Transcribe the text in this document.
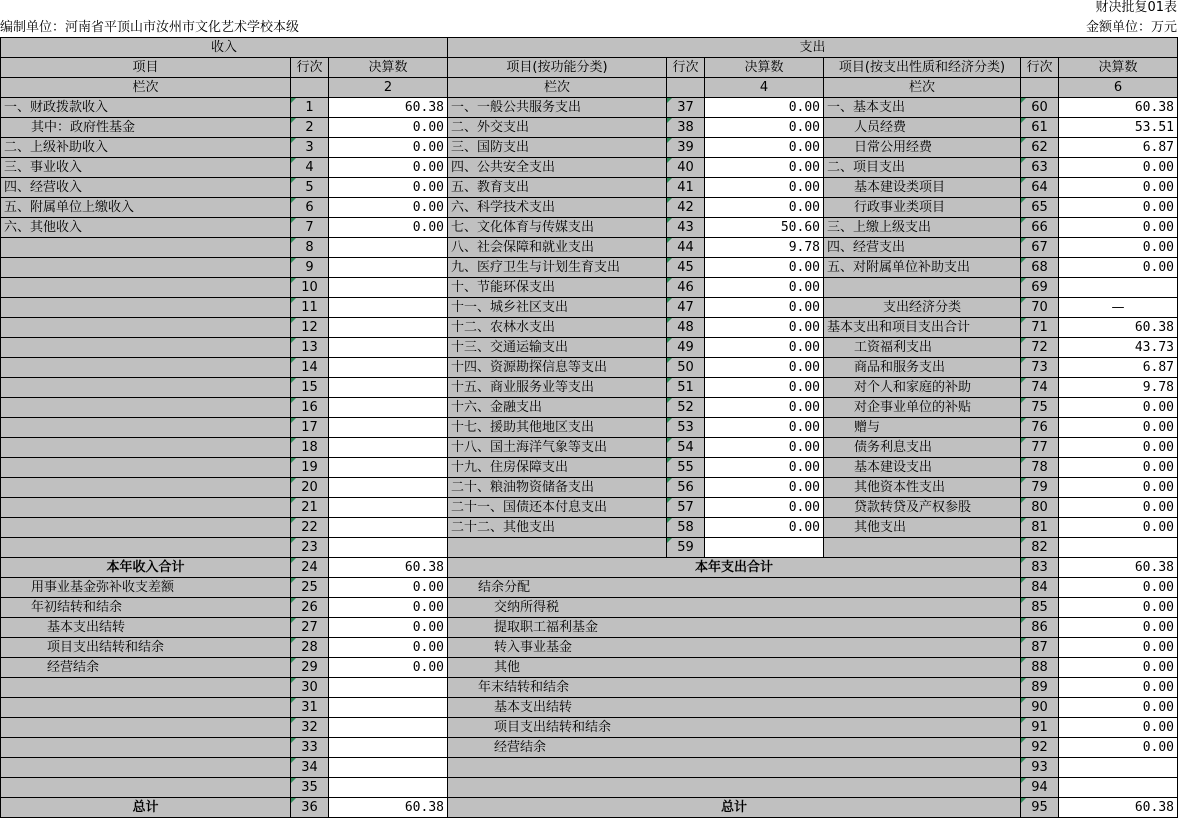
财决批复01表
编制单位：河南省平顶山市汝州市文化艺术学校本级	金额单位：万元
收入			支出					
项目	行次	决算数	项目(按功能分类)	行次	决算数	项目(按支出性质和经济分类)	行次	决算数
栏次		2	栏次		4	栏次		6
一、财政拨款收入	1	60.38	一、一般公共服务支出	37	0.00	一、基本支出	60	60.38
其中：政府性基金	2	0.00	二、外交支出	38	0.00	人员经费	61	53.51
二、上级补助收入	3	0.00	三、国防支出	39	0.00	日常公用经费	62	6.87
三、事业收入	4	0.00	四、公共安全支出	40	0.00	二、项目支出	63	0.00
四、经营收入	5	0.00	五、教育支出	41	0.00	基本建设类项目	64	0.00
五、附属单位上缴收入	6	0.00	六、科学技术支出	42	0.00	行政事业类项目	65	0.00
六、其他收入	7	0.00	七、文化体育与传媒支出	43	50.60	三、上缴上级支出	66	0.00
	8		八、社会保障和就业支出	44	9.78	四、经营支出	67	0.00
	9		九、医疗卫生与计划生育支出	45	0.00	五、对附属单位补助支出	68	0.00
	10		十、节能环保支出	46	0.00		69	
	11		十一、城乡社区支出	47	0.00	支出经济分类	70	—
	12		十二、农林水支出	48	0.00	基本支出和项目支出合计	71	60.38
	13		十三、交通运输支出	49	0.00	工资福利支出	72	43.73
	14		十四、资源勘探信息等支出	50	0.00	商品和服务支出	73	6.87
	15		十五、商业服务业等支出	51	0.00	对个人和家庭的补助	74	9.78
	16		十六、金融支出	52	0.00	对企事业单位的补贴	75	0.00
	17		十七、援助其他地区支出	53	0.00	赠与	76	0.00
	18		十八、国土海洋气象等支出	54	0.00	债务利息支出	77	0.00
	19		十九、住房保障支出	55	0.00	基本建设支出	78	0.00
	20		二十、粮油物资储备支出	56	0.00	其他资本性支出	79	0.00
	21		二十一、国债还本付息支出	57	0.00	贷款转贷及产权参股	80	0.00
	22		二十二、其他支出	58	0.00	其他支出	81	0.00
	23			59			82	
本年收入合计	24	60.38	本年支出合计				83	60.38
用事业基金弥补收支差额	25	0.00	结余分配				84	0.00
年初结转和结余	26	0.00	交纳所得税				85	0.00
基本支出结转	27	0.00	提取职工福利基金				86	0.00
项目支出结转和结余	28	0.00	转入事业基金				87	0.00
经营结余	29	0.00	其他				88	0.00
	30		年末结转和结余				89	0.00
	31		基本支出结转				90	0.00
	32		项目支出结转和结余				91	0.00
	33		经营结余				92	0.00
	34						93	
	35						94	
总计	36	60.38	总计				95	60.38
